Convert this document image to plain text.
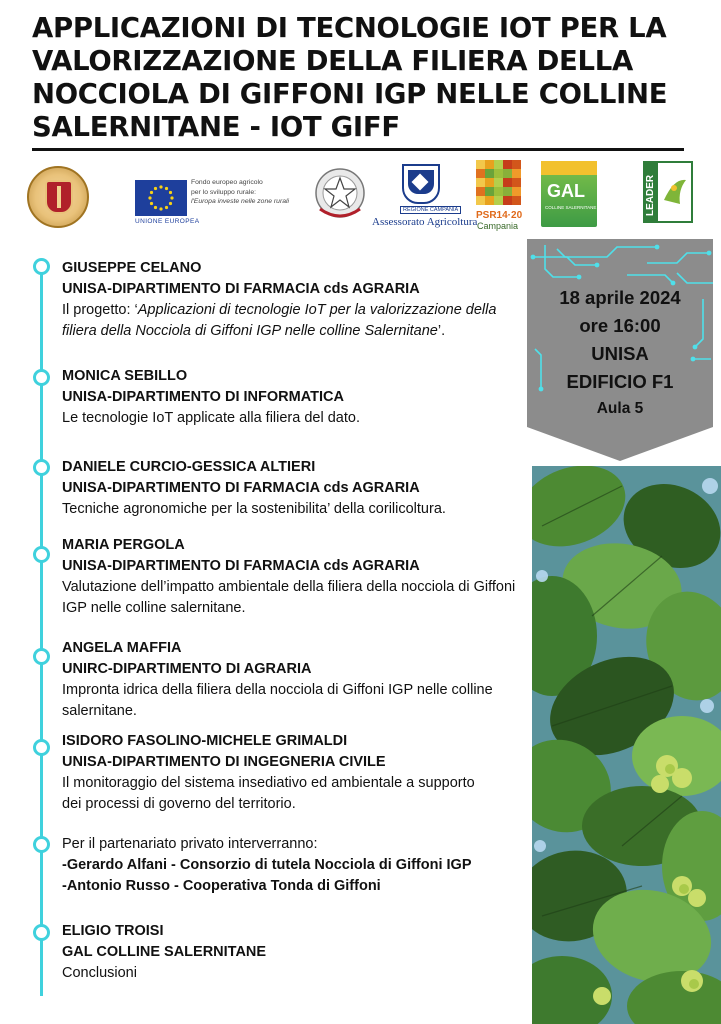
APPLICAZIONI DI TECNOLOGIE IOT PER LA VALORIZZAZIONE DELLA FILIERA DELLA NOCCIOLA DI GIFFONI IGP NELLE COLLINE SALERNITANE - IOT GIFF
UNIONE EUROPEA
Fondo europeo agricolo
per lo sviluppo rurale:
l'Europa investe nelle zone rurali
REGIONE CAMPANIA
Assessorato Agricoltura
PSR14·20
Campania
GAL
COLLINE SALERNITANE	LEADER
GIUSEPPE CELANO
UNISA-DIPARTIMENTO DI FARMACIA cds AGRARIA
Il progetto: ‘Applicazioni di tecnologie IoT per la valorizzazione della filiera della Nocciola di Giffoni IGP nelle colline Salernitane’.
MONICA SEBILLO
UNISA-DIPARTIMENTO DI INFORMATICA
Le tecnologie IoT applicate alla filiera del dato.
DANIELE CURCIO-GESSICA ALTIERI
UNISA-DIPARTIMENTO DI FARMACIA cds AGRARIA
Tecniche agronomiche per la sostenibilita’ della corilicoltura.
MARIA PERGOLA
UNISA-DIPARTIMENTO DI FARMACIA cds AGRARIA
Valutazione dell’impatto ambientale della filiera della nocciola di Giffoni IGP nelle colline salernitane.
ANGELA MAFFIA
UNIRC-DIPARTIMENTO DI AGRARIA
Impronta idrica della filiera della nocciola di Giffoni IGP nelle colline salernitane.
ISIDORO FASOLINO-MICHELE GRIMALDI
UNISA-DIPARTIMENTO DI INGEGNERIA CIVILE
Il monitoraggio del sistema insediativo ed ambientale a supporto dei processi di governo del territorio.
Per il partenariato privato interverranno:
-Gerardo Alfani - Consorzio di tutela Nocciola di Giffoni IGP
-Antonio Russo - Cooperativa Tonda di Giffoni
ELIGIO TROISI
GAL COLLINE SALERNITANE
Conclusioni
18 aprile 2024
ore 16:00
UNISA
EDIFICIO F1
Aula 5
